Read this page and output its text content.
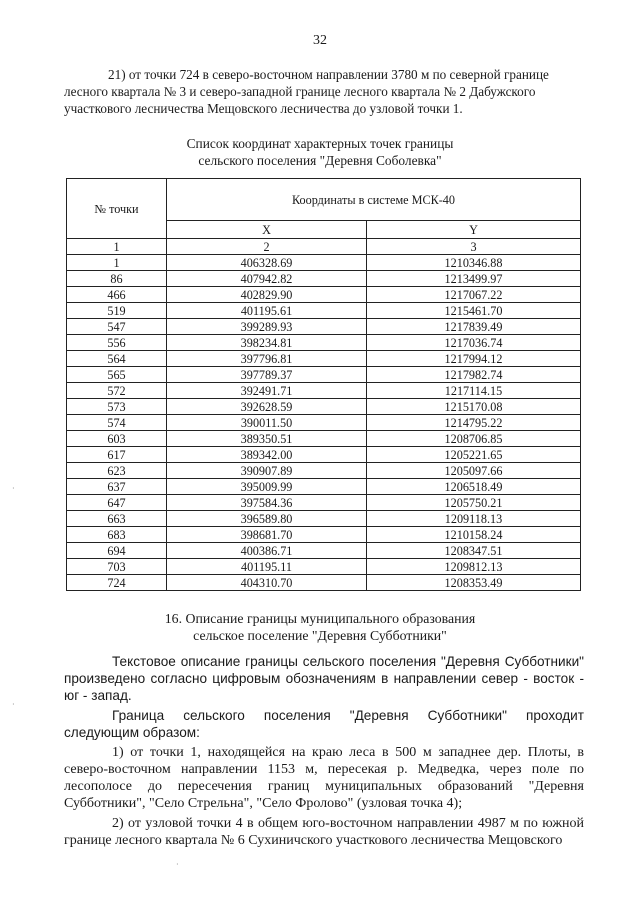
32
21) от точки 724 в северо-восточном направлении 3780 м по северной границе
лесного квартала № 3 и северо-западной границе лесного квартала № 2 Дабужского
участкового лесничества Мещовского лесничества до узловой точки 1.
Список координат характерных точек границы
сельского поселения "Деревня Соболевка"
№ точки	Координаты в системе МСК-40	
	X	Y
1	2	3
1	406328.69	1210346.88
86	407942.82	1213499.97
466	402829.90	1217067.22
519	401195.61	1215461.70
547	399289.93	1217839.49
556	398234.81	1217036.74
564	397796.81	1217994.12
565	397789.37	1217982.74
572	392491.71	1217114.15
573	392628.59	1215170.08
574	390011.50	1214795.22
603	389350.51	1208706.85
617	389342.00	1205221.65
623	390907.89	1205097.66
637	395009.99	1206518.49
647	397584.36	1205750.21
663	396589.80	1209118.13
683	398681.70	1210158.24
694	400386.71	1208347.51
703	401195.11	1209812.13
724	404310.70	1208353.49
16. Описание границы муниципального образования
сельское поселение "Деревня Субботники"

Текстовое описание границы сельского поселения "Деревня Субботники" произведено согласно цифровым обозначениям в направлении север - восток - юг - запад.

Граница сельского поселения "Деревня Субботники" проходит следующим образом:

1) от точки 1, находящейся на краю леса в 500 м западнее дер. Плоты, в северо-восточном направлении 1153 м, пересекая р. Медведка, через поле по лесополосе до пересечения границ муниципальных образований "Деревня Субботники", "Село Стрельна", "Село Фролово" (узловая точка 4);

2) от узловой точки 4 в общем юго-восточном направлении 4987 м по южной границе лесного квартала № 6 Сухиничского участкового лесничества Мещовского

·
·
·
